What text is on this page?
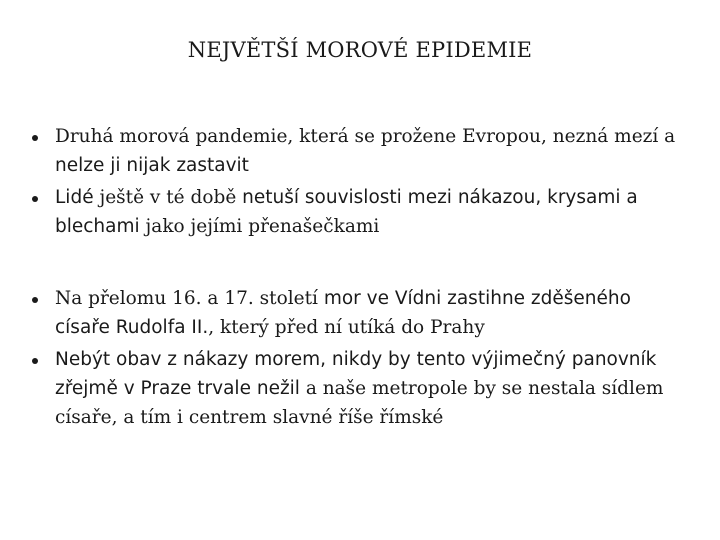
NEJVĚTŠÍ MOROVÉ EPIDEMIE
Druhá morová pandemie, která se proženе Evropou, nezná mezí a nelze ji nijak zastavit
Lidé ještě v té době netuší souvislosti mezi nákazou, krysami a blechami jako jejími přenašečkami
Na přelomu 16. a 17. století mor ve Vídni zastihne zděšeného císaře Rudolfa II., který před ní utíká do Prahy
Nebýt obav z nákazy morem, nikdy by tento výjimečný panovník zřejmě v Praze trvale nežil a naše metropole by se nestala sídlem císaře, a tím i centrem slavné říše římské
